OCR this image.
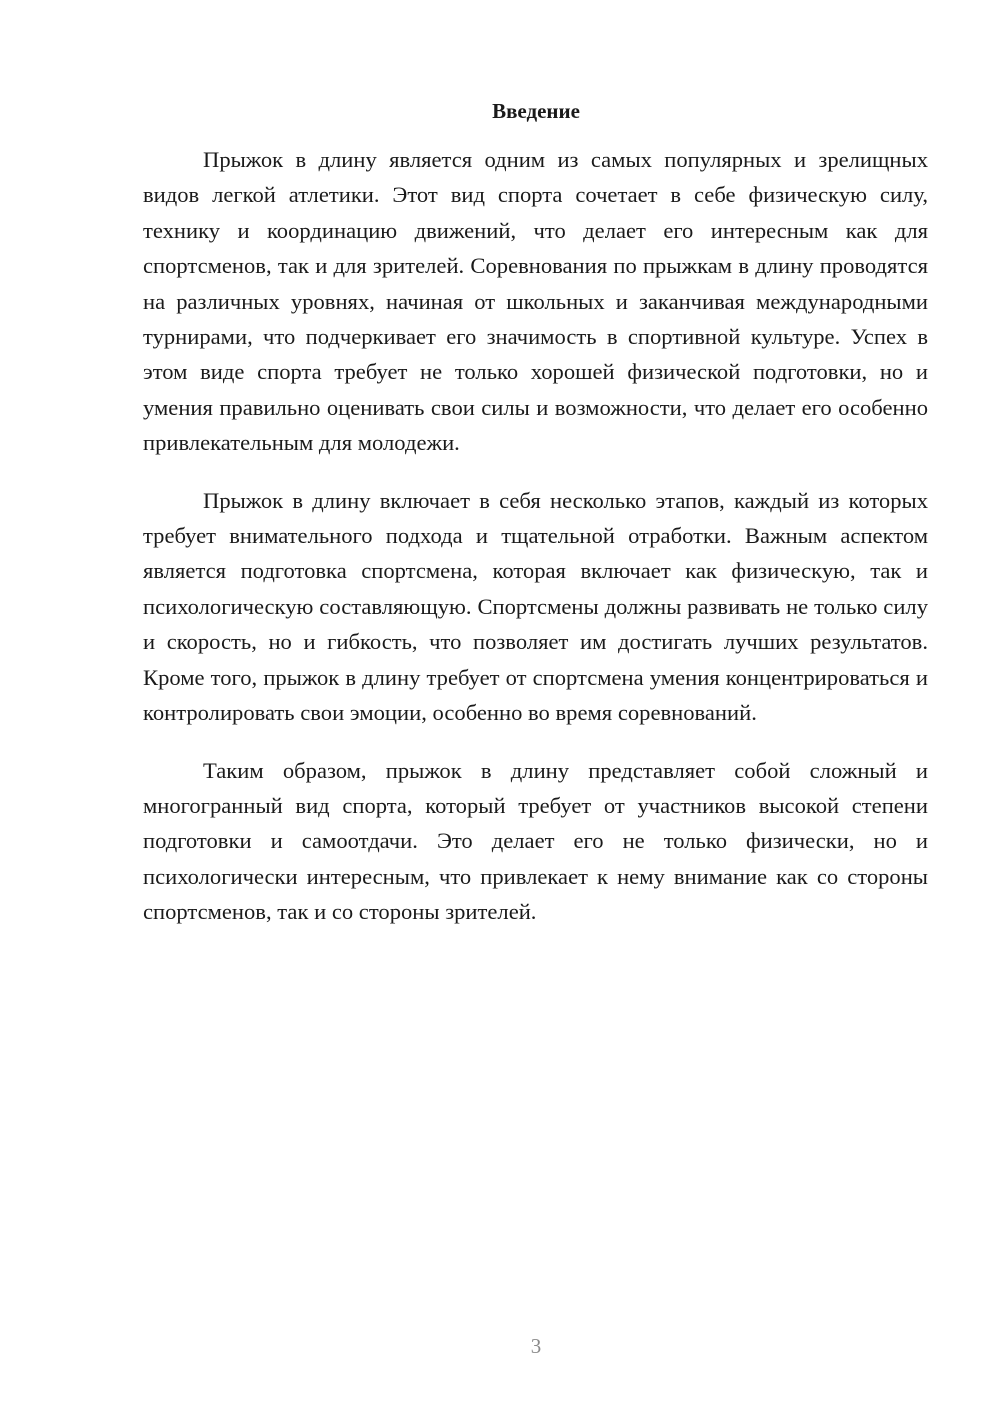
Введение

Прыжок в длину является одним из самых популярных и зрелищных видов легкой атлетики. Этот вид спорта сочетает в себе физическую силу, технику и координацию движений, что делает его интересным как для спортсменов, так и для зрителей. Соревнования по прыжкам в длину проводятся на различных уровнях, начиная от школьных и заканчивая международными турнирами, что подчеркивает его значимость в спортивной культуре. Успех в этом виде спорта требует не только хорошей физической подготовки, но и умения правильно оценивать свои силы и возможности, что делает его особенно привлекательным для молодежи.

Прыжок в длину включает в себя несколько этапов, каждый из которых требует внимательного подхода и тщательной отработки. Важным аспектом является подготовка спортсмена, которая включает как физическую, так и психологическую составляющую. Спортсмены должны развивать не только силу и скорость, но и гибкость, что позволяет им достигать лучших результатов. Кроме того, прыжок в длину требует от спортсмена умения концентрироваться и контролировать свои эмоции, особенно во время соревнований.

Таким образом, прыжок в длину представляет собой сложный и многогранный вид спорта, который требует от участников высокой степени подготовки и самоотдачи. Это делает его не только физически, но и психологически интересным, что привлекает к нему внимание как со стороны спортсменов, так и со стороны зрителей.

3
